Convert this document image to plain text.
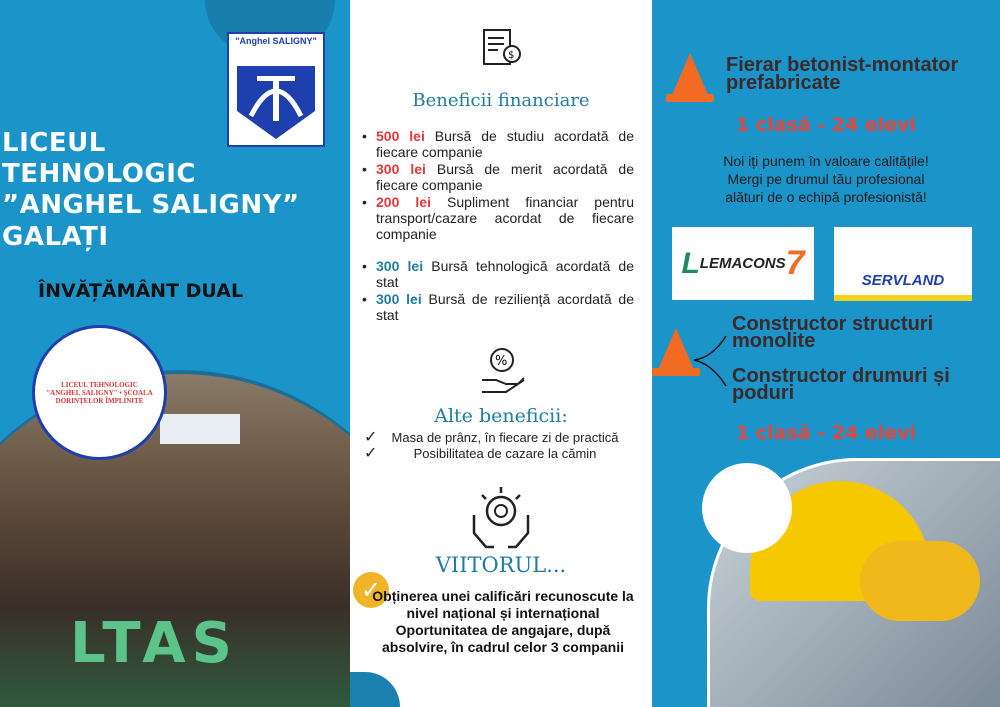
"Anghel SALIGNY"
LICEUL
TEHNOLOGIC
”ANGHEL SALIGNY”
GALAȚI
ÎNVĂȚĂMÂNT DUAL
LTAS
LICEUL TEHNOLOGIC "ANGHEL SALIGNY" • ȘCOALA DORINȚELOR ÎMPLINITE
$
Beneficii financiare
• 500 lei Bursă de studiu acordată de fiecare companie
• 300 lei Bursă de merit acordată de fiecare companie
• 200 lei Supliment financiar pentru transport/cazare acordat de fiecare companie
• 300 lei Bursă tehnologică acordată de stat
• 300 lei Bursă de reziliență acordată de stat
%
Alte beneficii:
✓ Masa de prânz, în fiecare zi de practică
✓	Posibilitatea de cazare la cămin
VIITORUL...
✓
Obținerea unei calificări recunoscute la nivel național și internațional
Oportunitatea de angajare, după absolvire, în cadrul celor 3 companii
Fierar betonist-montator prefabricate
1 clasă - 24 elevi
Noi iți punem în valoare calitățile!
Mergi pe drumul tău profesional
alături de o echipă profesionistă!
L LEMACONS 7	SERVLAND
Constructor structuri monolite
Constructor drumuri și poduri
1 clasă - 24 elevi
